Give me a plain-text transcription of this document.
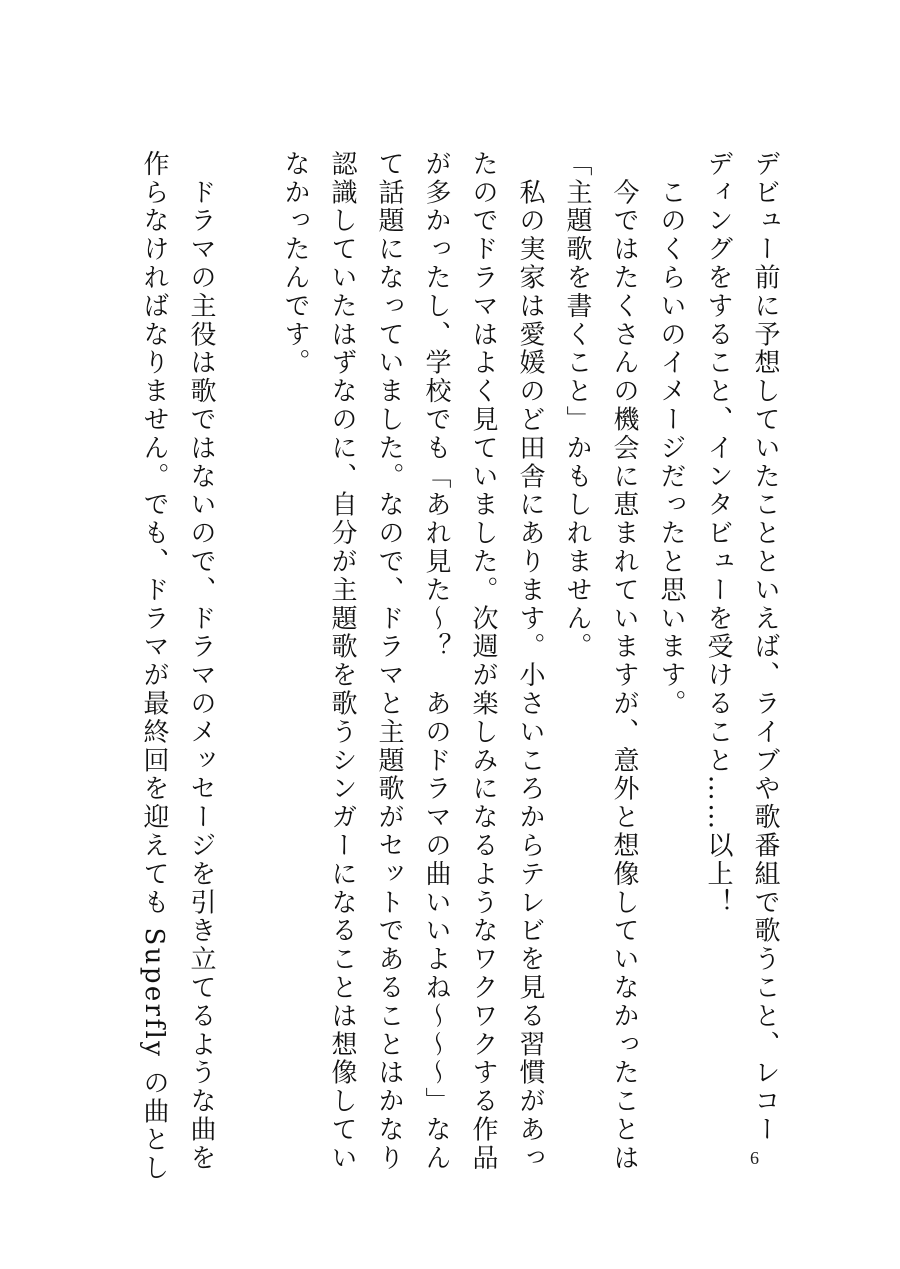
デビュー前に予想していたことといえば、ライブや歌番組で歌うこと、レコー
ディングをすること、インタビューを受けること……以上！
　このくらいのイメージだったと思います。
　今ではたくさんの機会に恵まれていますが、意外と想像していなかったことは
「主題歌を書くこと」かもしれません。
　私の実家は愛媛のど田舎にあります。小さいころからテレビを見る習慣があっ
たのでドラマはよく見ていました。次週が楽しみになるようなワクワクする作品
が多かったし、学校でも「あれ見た〜？　あのドラマの曲いいよね〜〜〜」なん
て話題になっていました。なので、ドラマと主題歌がセットであることはかなり
認識していたはずなのに、自分が主題歌を歌うシンガーになることは想像してい
なかったんです。
　ドラマの主役は歌ではないので、ドラマのメッセージを引き立てるような曲を
作らなければなりません。でも、ドラマが最終回を迎えても Superfly の曲とし	6
